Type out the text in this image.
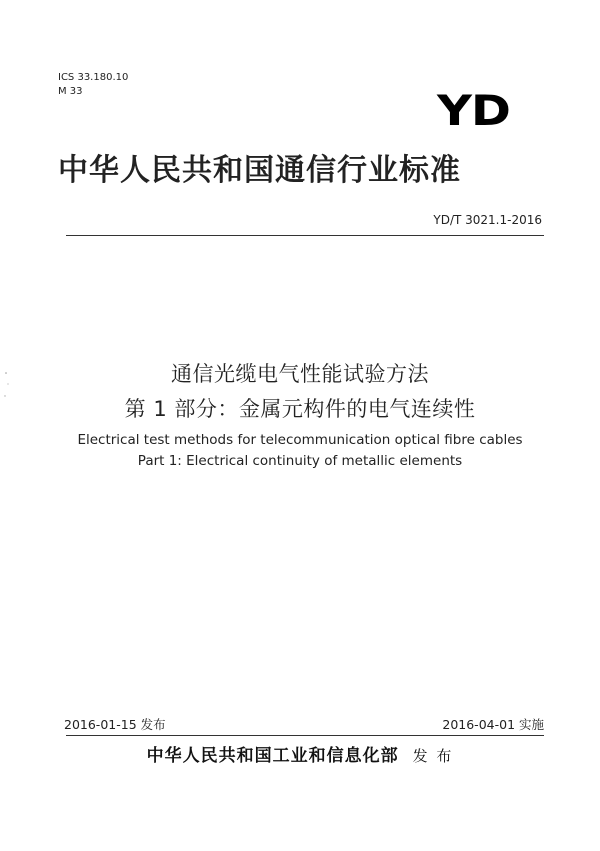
ICS 33.180.10
M 33	YD
中华人民共和国通信行业标准
YD/T 3021.1-2016
通信光缆电气性能试验方法
第 1 部分：金属元构件的电气连续性
Electrical test methods for telecommunication optical fibre cables
Part 1: Electrical continuity of metallic elements
2016-01-15 发布	2016-04-01 实施
中华人民共和国工业和信息化部 发 布
